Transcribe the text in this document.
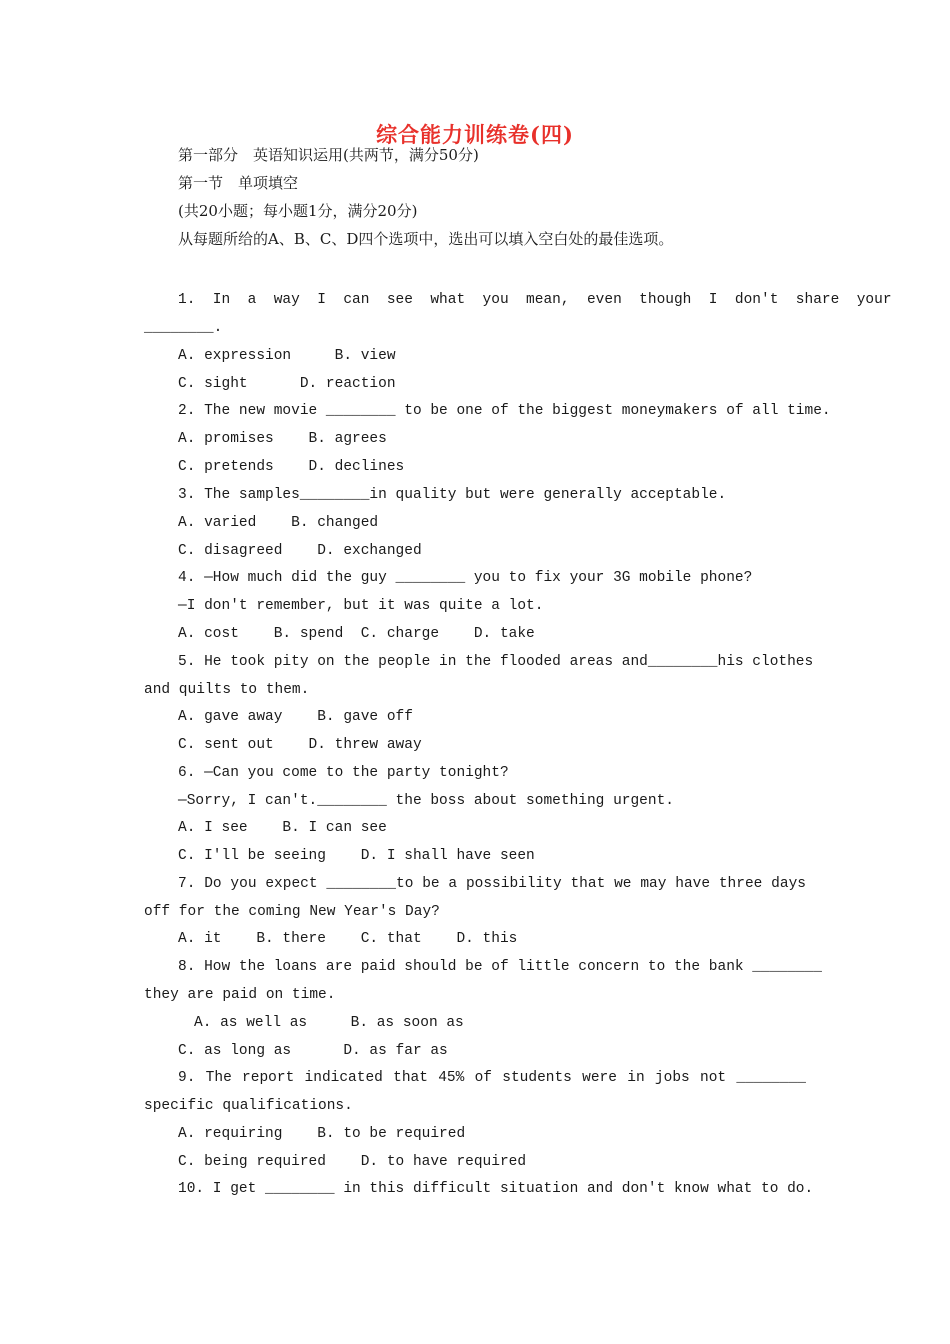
综合能力训练卷(四)
第一部分　英语知识运用(共两节，满分50分)
第一节　单项填空
(共20小题；每小题1分，满分20分)
从每题所给的A、B、C、D四个选项中，选出可以填入空白处的最佳选项。
1.  In  a  way  I  can  see  what  you  mean,  even  though  I  don't  share  your
________.
A. expression     B. view
C. sight      D. reaction
2. The new movie ________ to be one of the biggest moneymakers of all time.
A. promises    B. agrees
C. pretends    D. declines
3. The samples________in quality but were generally acceptable.
A. varied    B. changed
C. disagreed    D. exchanged
4. —How much did the guy ________ you to fix your 3G mobile phone?
—I don't remember, but it was quite a lot.
A. cost    B. spend  C. charge    D. take
5. He took pity on the people in the flooded areas and________his clothes
and quilts to them.
A. gave away    B. gave off
C. sent out    D. threw away
6. —Can you come to the party tonight?
—Sorry, I can't.________ the boss about something urgent.
A. I see    B. I can see
C. I'll be seeing    D. I shall have seen
7. Do you expect ________to be a possibility that we may have three days
off for the coming New Year's Day?
A. it    B. there    C. that    D. this
8. How the loans are paid should be of little concern to the bank ________
they are paid on time.
A. as well as     B. as soon as
C. as long as      D. as far as
9. The report indicated that 45% of students were in jobs not ________
specific qualifications.
A. requiring    B. to be required
C. being required    D. to have required
10. I get ________ in this difficult situation and don't know what to do.
